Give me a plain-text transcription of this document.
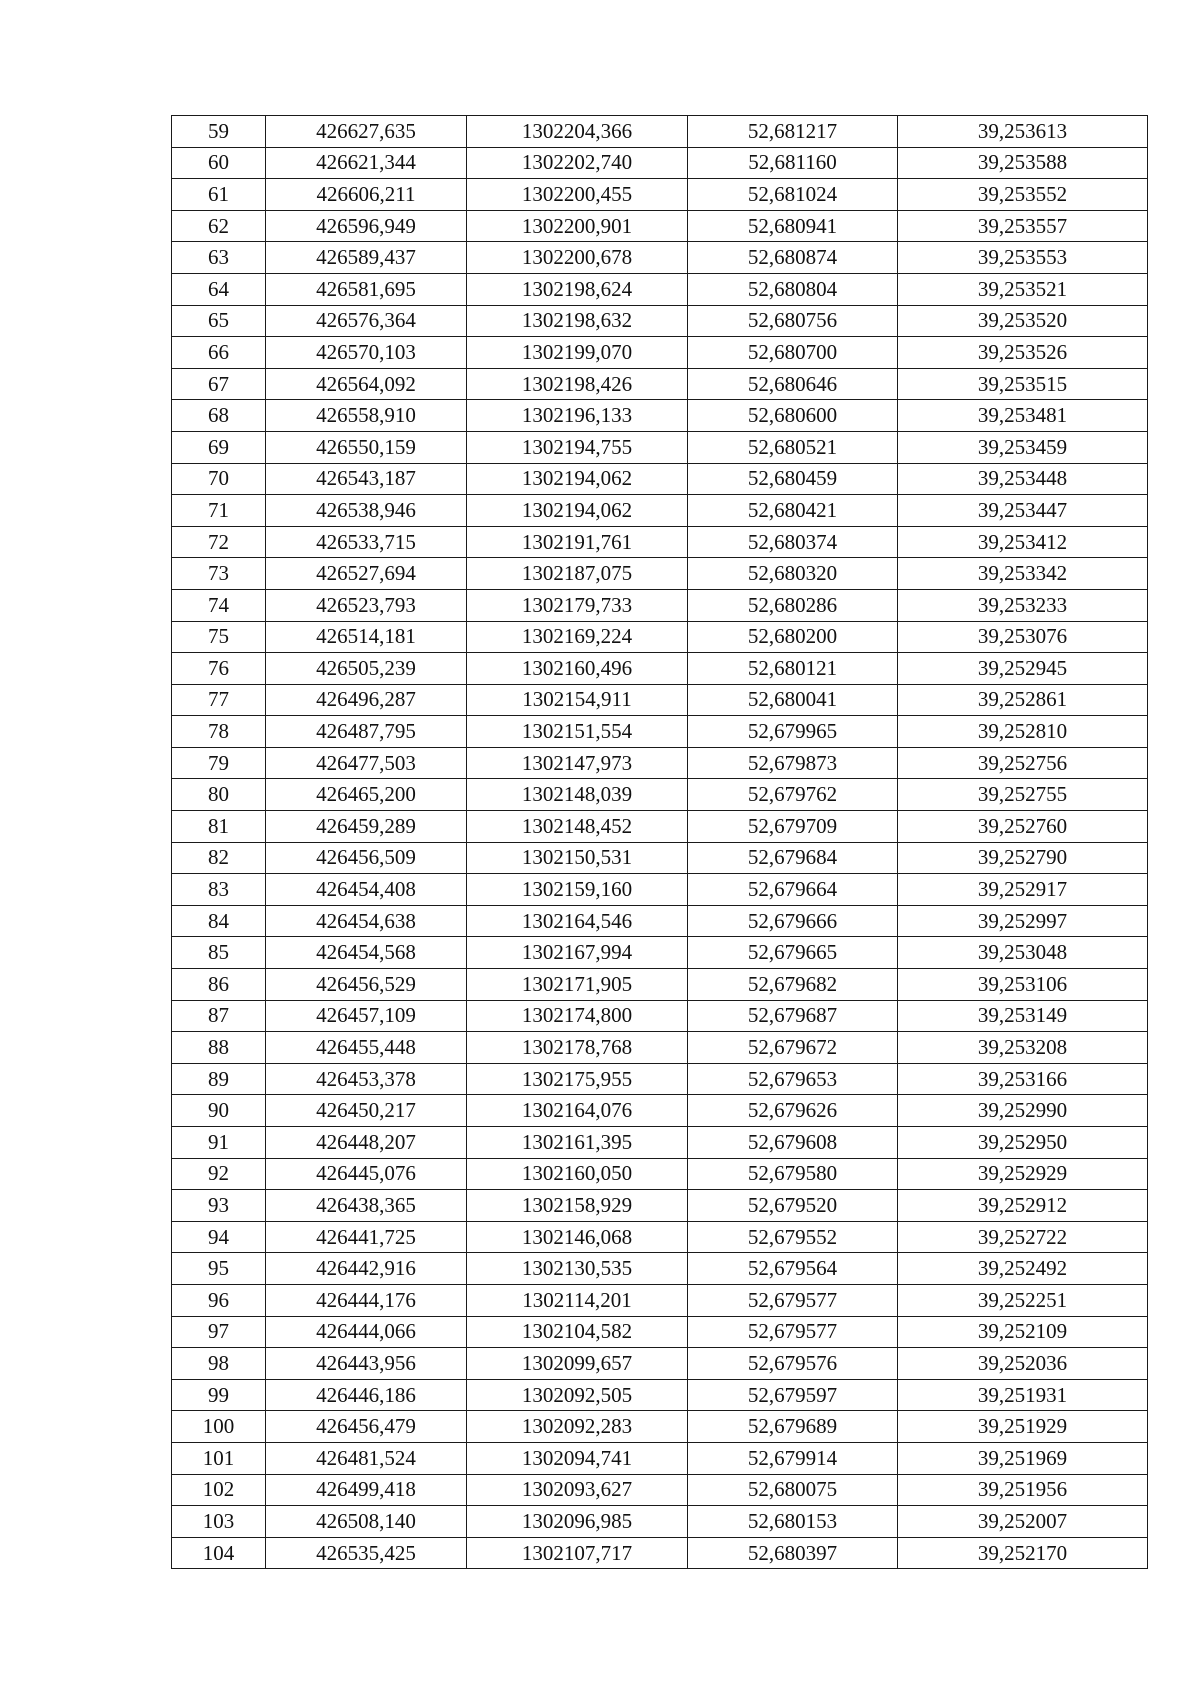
59	426627,635	1302204,366	52,681217	39,253613
60	426621,344	1302202,740	52,681160	39,253588
61	426606,211	1302200,455	52,681024	39,253552
62	426596,949	1302200,901	52,680941	39,253557
63	426589,437	1302200,678	52,680874	39,253553
64	426581,695	1302198,624	52,680804	39,253521
65	426576,364	1302198,632	52,680756	39,253520
66	426570,103	1302199,070	52,680700	39,253526
67	426564,092	1302198,426	52,680646	39,253515
68	426558,910	1302196,133	52,680600	39,253481
69	426550,159	1302194,755	52,680521	39,253459
70	426543,187	1302194,062	52,680459	39,253448
71	426538,946	1302194,062	52,680421	39,253447
72	426533,715	1302191,761	52,680374	39,253412
73	426527,694	1302187,075	52,680320	39,253342
74	426523,793	1302179,733	52,680286	39,253233
75	426514,181	1302169,224	52,680200	39,253076
76	426505,239	1302160,496	52,680121	39,252945
77	426496,287	1302154,911	52,680041	39,252861
78	426487,795	1302151,554	52,679965	39,252810
79	426477,503	1302147,973	52,679873	39,252756
80	426465,200	1302148,039	52,679762	39,252755
81	426459,289	1302148,452	52,679709	39,252760
82	426456,509	1302150,531	52,679684	39,252790
83	426454,408	1302159,160	52,679664	39,252917
84	426454,638	1302164,546	52,679666	39,252997
85	426454,568	1302167,994	52,679665	39,253048
86	426456,529	1302171,905	52,679682	39,253106
87	426457,109	1302174,800	52,679687	39,253149
88	426455,448	1302178,768	52,679672	39,253208
89	426453,378	1302175,955	52,679653	39,253166
90	426450,217	1302164,076	52,679626	39,252990
91	426448,207	1302161,395	52,679608	39,252950
92	426445,076	1302160,050	52,679580	39,252929
93	426438,365	1302158,929	52,679520	39,252912
94	426441,725	1302146,068	52,679552	39,252722
95	426442,916	1302130,535	52,679564	39,252492
96	426444,176	1302114,201	52,679577	39,252251
97	426444,066	1302104,582	52,679577	39,252109
98	426443,956	1302099,657	52,679576	39,252036
99	426446,186	1302092,505	52,679597	39,251931
100	426456,479	1302092,283	52,679689	39,251929
101	426481,524	1302094,741	52,679914	39,251969
102	426499,418	1302093,627	52,680075	39,251956
103	426508,140	1302096,985	52,680153	39,252007
104	426535,425	1302107,717	52,680397	39,252170
